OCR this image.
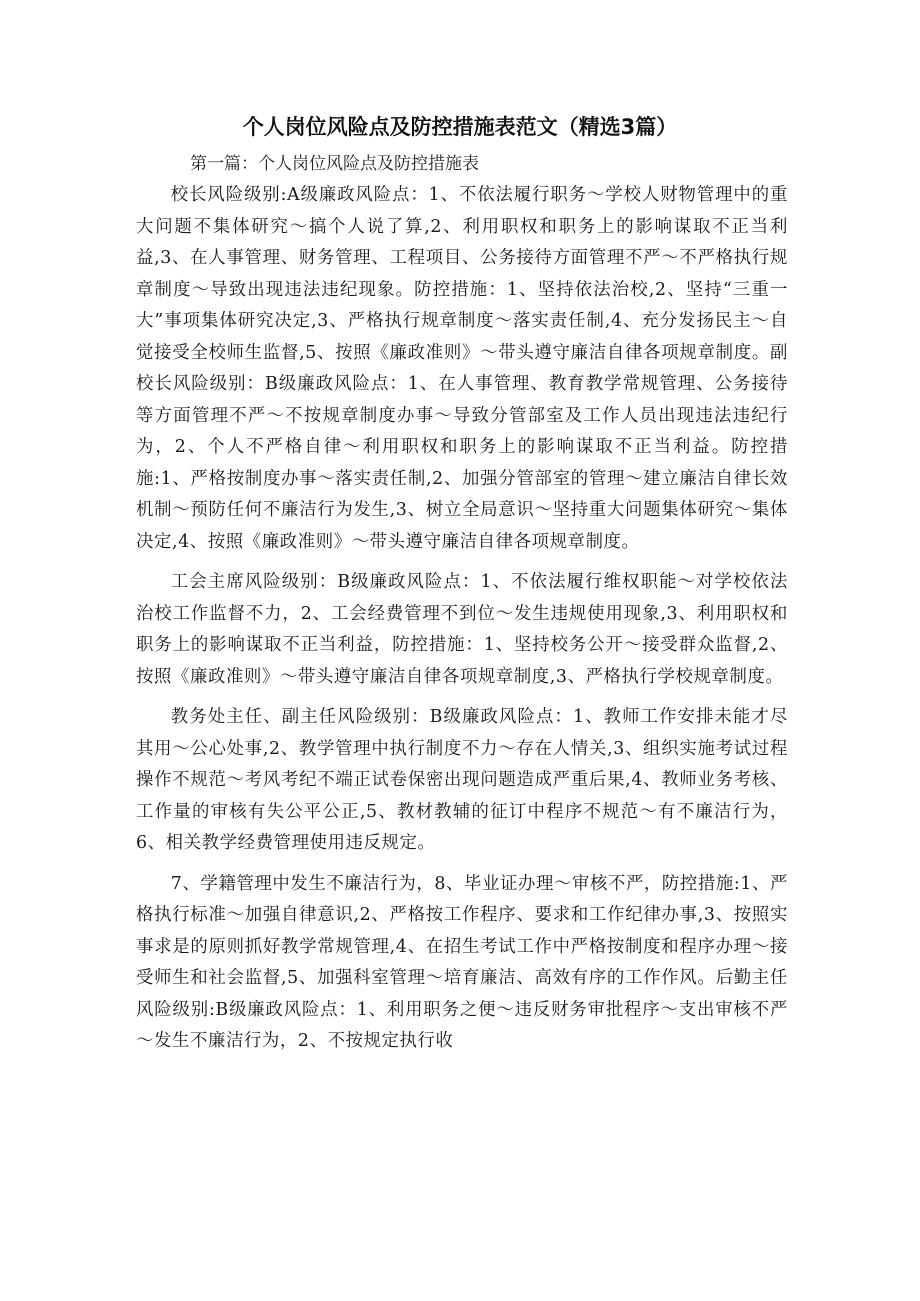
个人岗位风险点及防控措施表范文（精选3篇）
第一篇：个人岗位风险点及防控措施表

校长风险级别:A级廉政风险点：1、不依法履行职务～学校人财物管理中的重大问题不集体研究～搞个人说了算,2、利用职权和职务上的影响谋取不正当利益,3、在人事管理、财务管理、工程项目、公务接待方面管理不严～不严格执行规章制度～导致出现违法违纪现象。防控措施：1、坚持依法治校,2、坚持“三重一大”事项集体研究决定,3、严格执行规章制度～落实责任制,4、充分发扬民主～自觉接受全校师生监督,5、按照《廉政准则》～带头遵守廉洁自律各项规章制度。副校长风险级别：B级廉政风险点：1、在人事管理、教育教学常规管理、公务接待等方面管理不严～不按规章制度办事～导致分管部室及工作人员出现违法违纪行为，2、个人不严格自律～利用职权和职务上的影响谋取不正当利益。防控措施:1、严格按制度办事～落实责任制,2、加强分管部室的管理～建立廉洁自律长效机制～预防任何不廉洁行为发生,3、树立全局意识～坚持重大问题集体研究～集体决定,4、按照《廉政准则》～带头遵守廉洁自律各项规章制度。

工会主席风险级别：B级廉政风险点：1、不依法履行维权职能～对学校依法治校工作监督不力，2、工会经费管理不到位～发生违规使用现象,3、利用职权和职务上的影响谋取不正当利益，防控措施：1、坚持校务公开～接受群众监督,2、按照《廉政准则》～带头遵守廉洁自律各项规章制度,3、严格执行学校规章制度。

教务处主任、副主任风险级别：B级廉政风险点：1、教师工作安排未能才尽其用～公心处事,2、教学管理中执行制度不力～存在人情关,3、组织实施考试过程操作不规范～考风考纪不端正试卷保密出现问题造成严重后果,4、教师业务考核、工作量的审核有失公平公正,5、教材教辅的征订中程序不规范～有不廉洁行为，6、相关教学经费管理使用违反规定。

7、学籍管理中发生不廉洁行为，8、毕业证办理～审核不严，防控措施:1、严格执行标准～加强自律意识,2、严格按工作程序、要求和工作纪律办事,3、按照实事求是的原则抓好教学常规管理,4、在招生考试工作中严格按制度和程序办理～接受师生和社会监督,5、加强科室管理～培育廉洁、高效有序的工作作风。后勤主任风险级别:B级廉政风险点：1、利用职务之便～违反财务审批程序～支出审核不严～发生不廉洁行为，2、不按规定执行收
